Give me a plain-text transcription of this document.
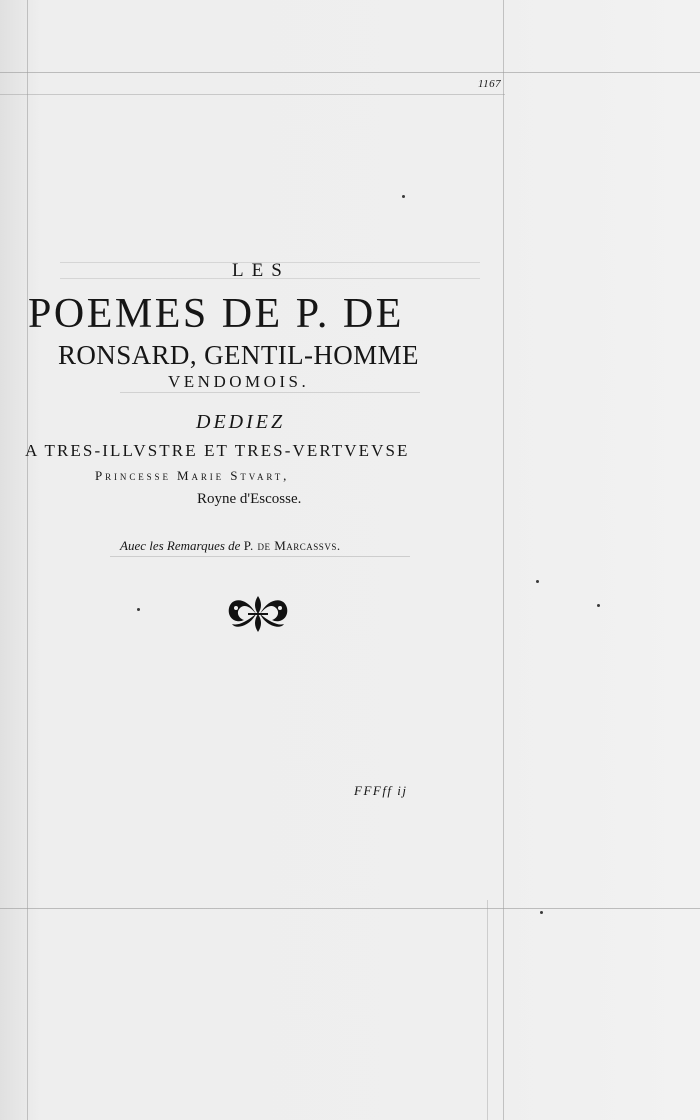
1167
LES
POEMES DE P. DE
RONSARD, GENTIL-HOMME
VENDOMOIS.
DEDIEZ
A TRES-ILLVSTRE ET TRES-VERTVEVSE
Princesse Marie Stvart,
Royne d'Escosse.
Auec les Remarques de P. de Marcassvs.
FFFff ij
